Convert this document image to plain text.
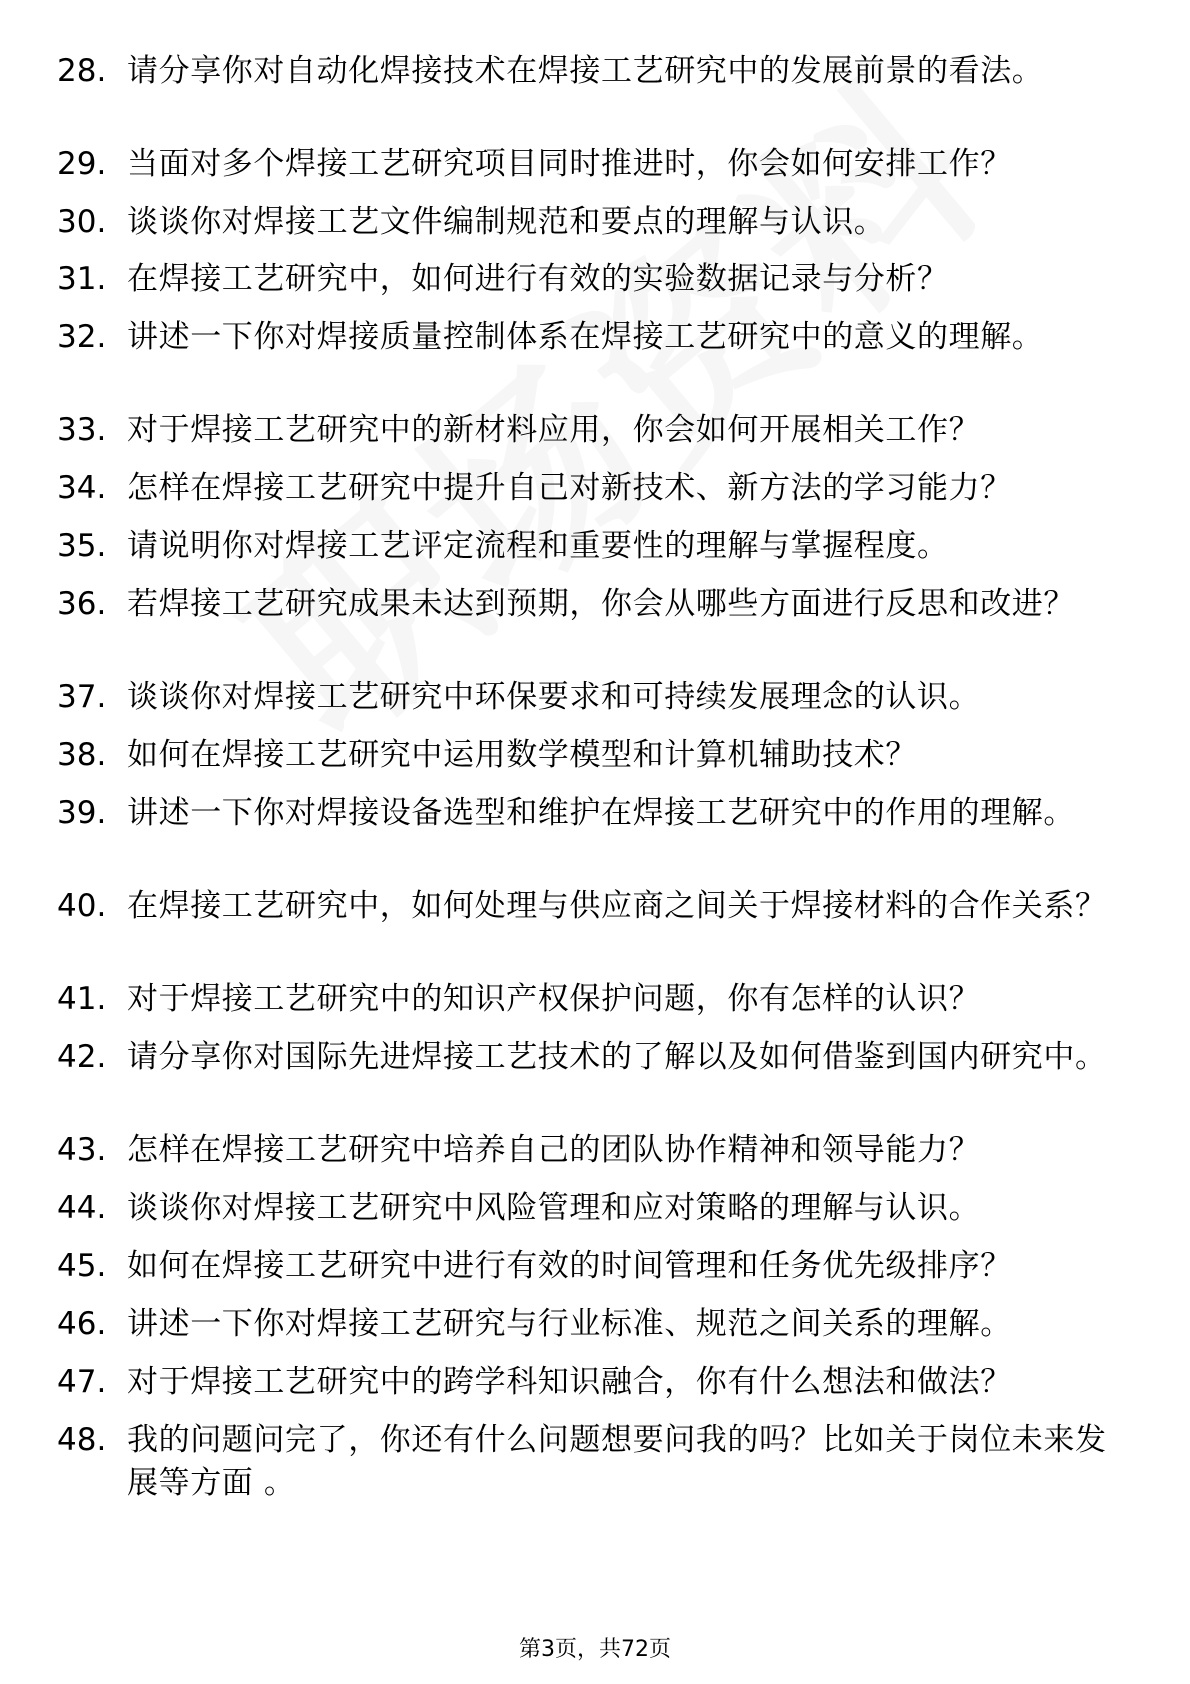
28. 请分享你对自动化焊接技术在焊接工艺研究中的发展前景的看法。
29. 当面对多个焊接工艺研究项目同时推进时，你会如何安排工作？
30. 谈谈你对焊接工艺文件编制规范和要点的理解与认识。
31. 在焊接工艺研究中，如何进行有效的实验数据记录与分析？
32. 讲述一下你对焊接质量控制体系在焊接工艺研究中的意义的理解。
33. 对于焊接工艺研究中的新材料应用，你会如何开展相关工作？
34. 怎样在焊接工艺研究中提升自己对新技术、新方法的学习能力？
35. 请说明你对焊接工艺评定流程和重要性的理解与掌握程度。
36. 若焊接工艺研究成果未达到预期，你会从哪些方面进行反思和改进？
37. 谈谈你对焊接工艺研究中环保要求和可持续发展理念的认识。
38. 如何在焊接工艺研究中运用数学模型和计算机辅助技术？
39. 讲述一下你对焊接设备选型和维护在焊接工艺研究中的作用的理解。
40. 在焊接工艺研究中，如何处理与供应商之间关于焊接材料的合作关系？
41. 对于焊接工艺研究中的知识产权保护问题，你有怎样的认识？
42. 请分享你对国际先进焊接工艺技术的了解以及如何借鉴到国内研究中。
43. 怎样在焊接工艺研究中培养自己的团队协作精神和领导能力？
44. 谈谈你对焊接工艺研究中风险管理和应对策略的理解与认识。
45. 如何在焊接工艺研究中进行有效的时间管理和任务优先级排序？
46. 讲述一下你对焊接工艺研究与行业标准、规范之间关系的理解。
47. 对于焊接工艺研究中的跨学科知识融合，你有什么想法和做法？
48. 我的问题问完了，你还有什么问题想要问我的吗？比如关于岗位未来发展等方面 。
第3页，共72页
